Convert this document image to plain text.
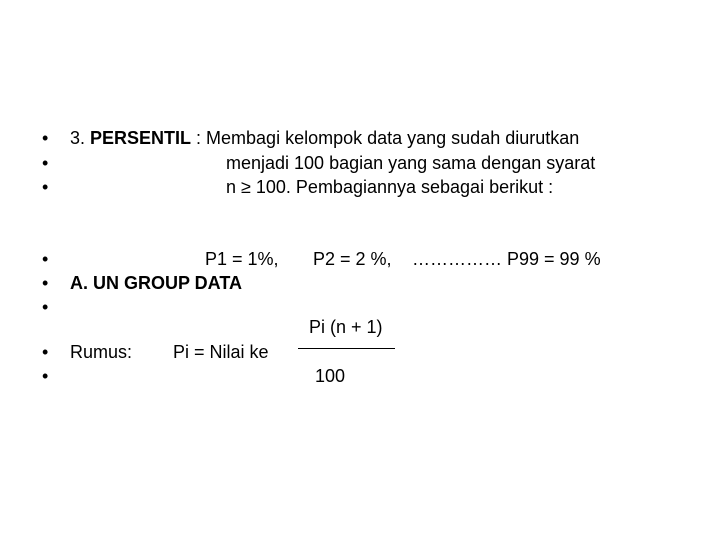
•
•
•
•
•
•
•
•
3. PERSENTIL : Membagi kelompok data yang sudah diurutkan
menjadi 100 bagian yang sama dengan syarat
n ≥ 100. Pembagiannya sebagai berikut :
P1 = 1%, P2 = 2 %, …………… P99 = 99 %
A. UN GROUP DATA
Pi (n + 1)
Rumus: Pi = Nilai ke
100
